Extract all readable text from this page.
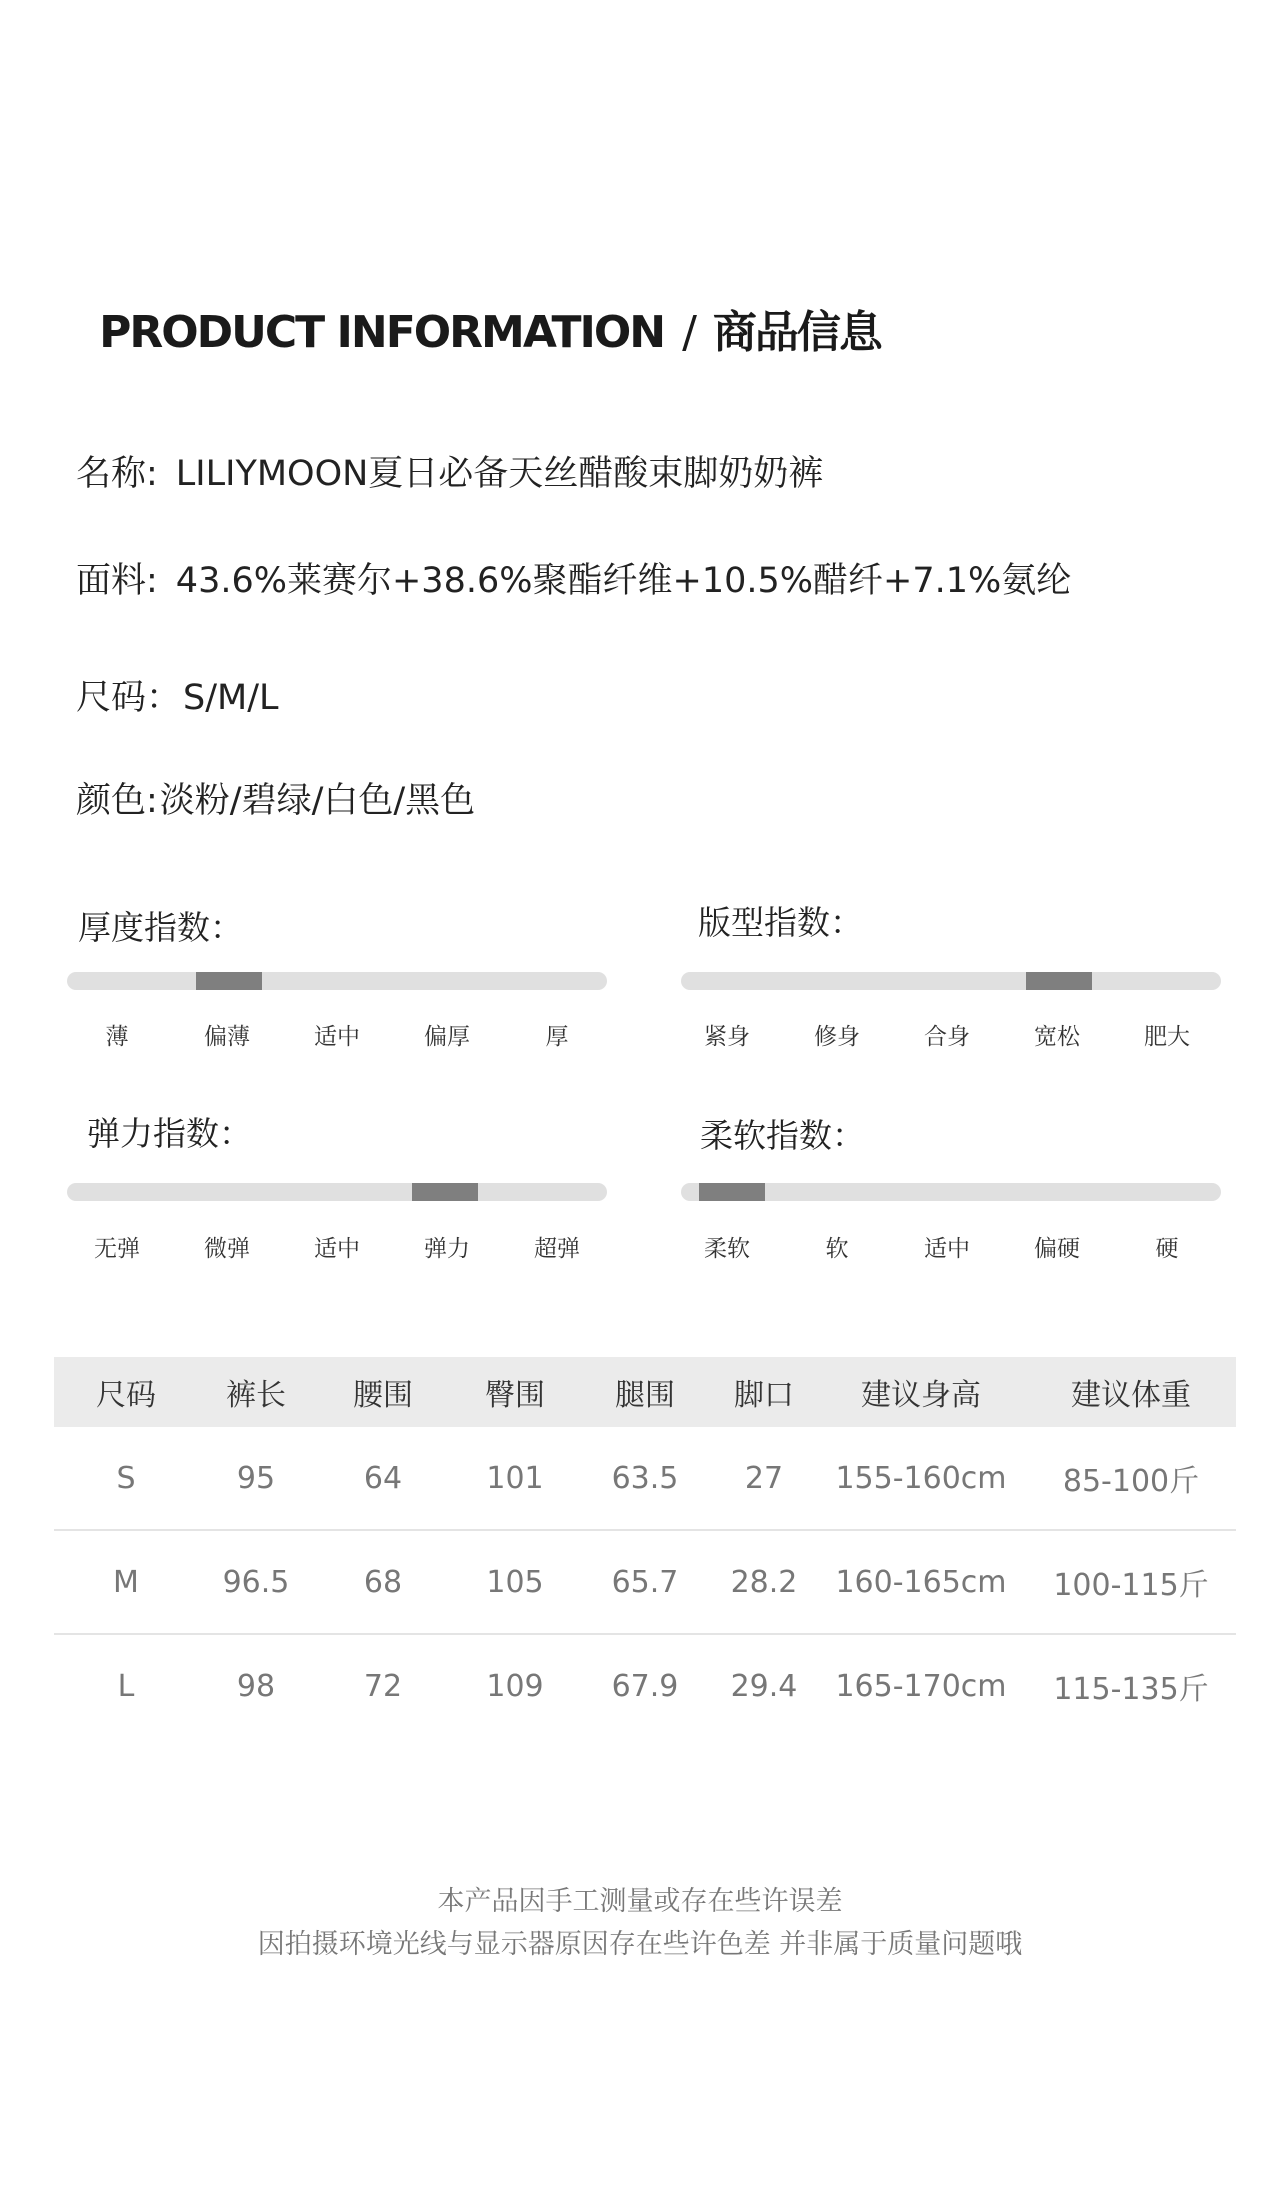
PRODUCT INFORMATION / 商品信息
名称: LILIYMOON夏日必备天丝醋酸束脚奶奶裤
面料: 43.6%莱赛尔+38.6%聚酯纤维+10.5%醋纤+7.1%氨纶
尺码：S/M/L
颜色:淡粉/碧绿/白色/黑色
厚度指数：
薄	偏薄	适中	偏厚	厚
版型指数：
紧身	修身	合身	宽松	肥大
弹力指数：
无弹	微弹	适中	弹力	超弹
柔软指数：
柔软	软	适中	偏硬	硬
尺码	裤长	腰围	臀围	腿围	脚口	建议身高	建议体重
S	95	64	101	63.5	27	155-160cm	85-100斤
M	96.5	68	105	65.7	28.2	160-165cm	100-115斤
L	98	72	109	67.9	29.4	165-170cm	115-135斤
本产品因手工测量或存在些许误差
因拍摄环境光线与显示器原因存在些许色差 并非属于质量问题哦
